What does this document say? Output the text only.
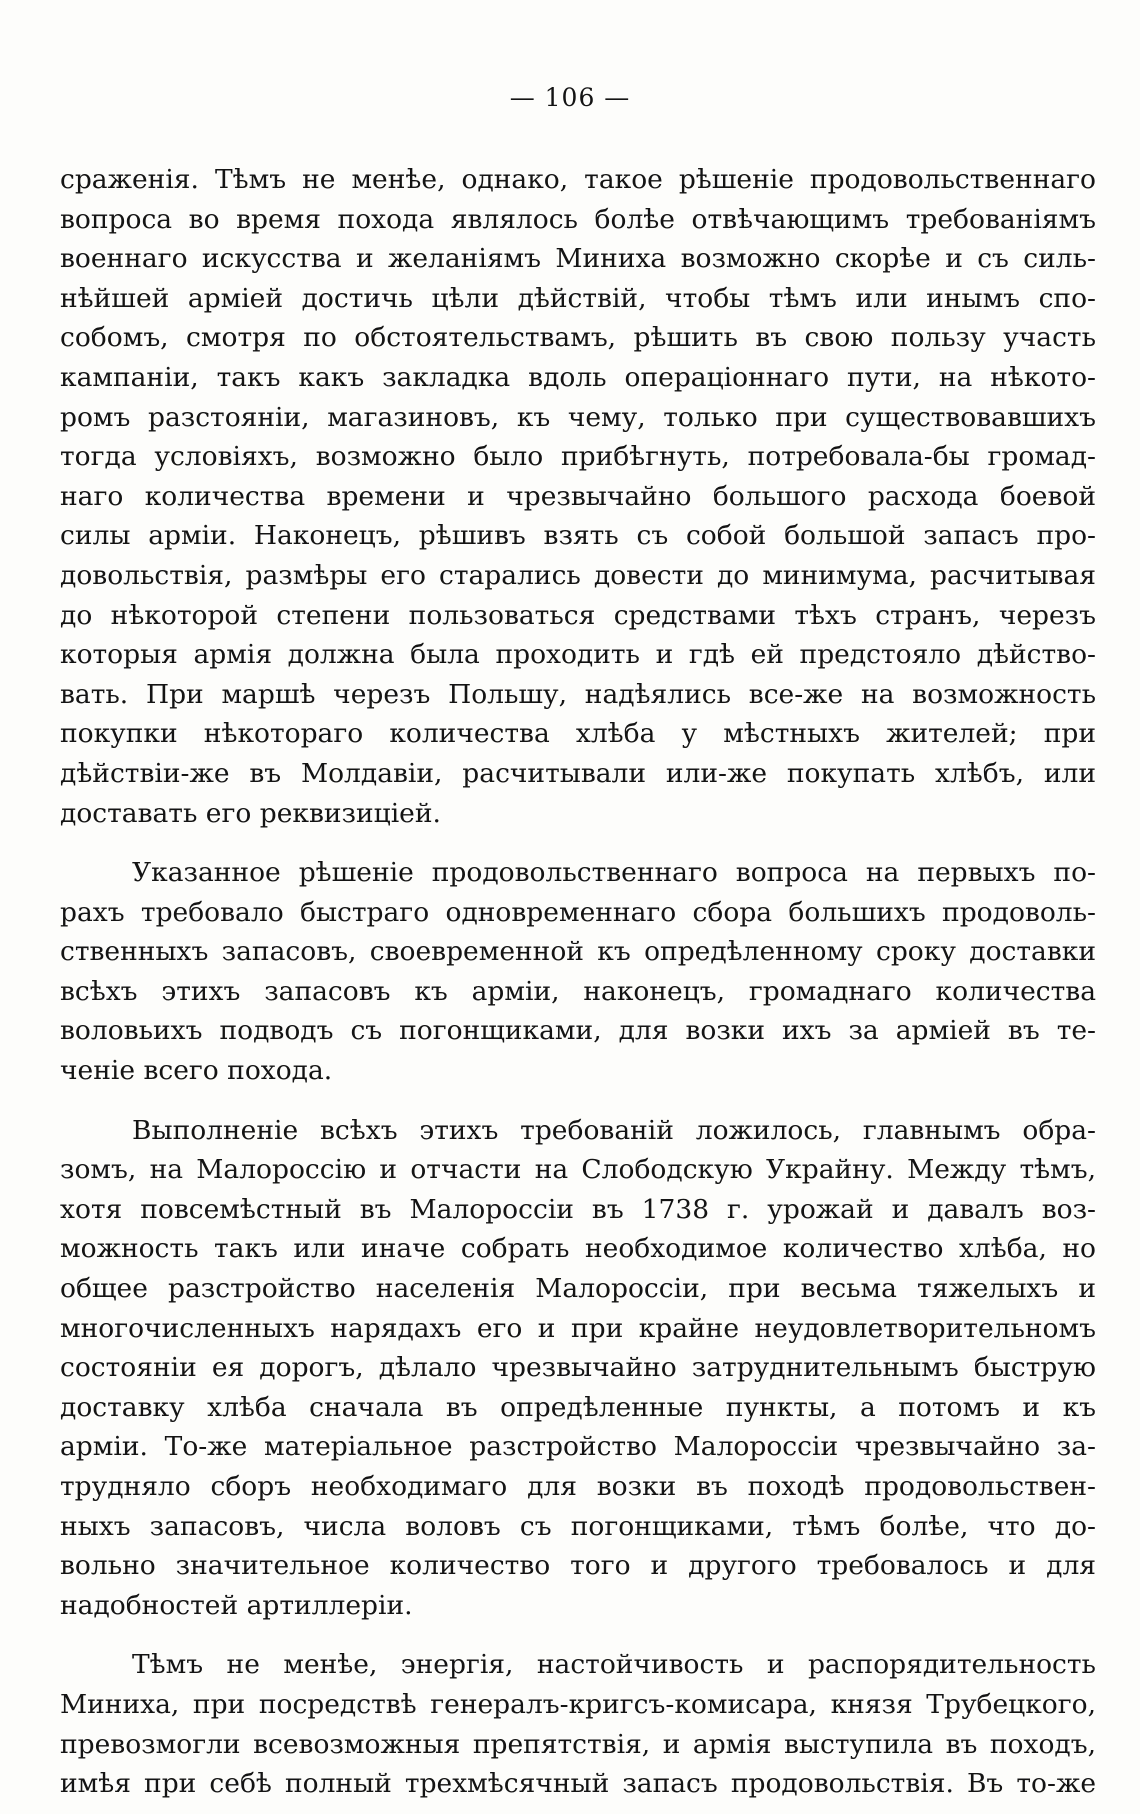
— 106 —

сраженія. Тѣмъ не менѣе, однако, такое рѣшеніе продовольственнаго
вопроса во время похода являлось болѣе отвѣчающимъ требованіямъ
военнаго искусства и желаніямъ Миниха возможно скорѣе и съ силь-
нѣйшей арміей достичь цѣли дѣйствій, чтобы тѣмъ или инымъ спо-
собомъ, смотря по обстоятельствамъ, рѣшить въ свою пользу участь
кампаніи, такъ какъ закладка вдоль операціоннаго пути, на нѣкото-
ромъ разстояніи, магазиновъ, къ чему, только при существовавшихъ
тогда условіяхъ, возможно было прибѣгнуть, потребовала-бы громад-
наго количества времени и чрезвычайно большого расхода боевой
силы арміи. Наконецъ, рѣшивъ взять съ собой большой запасъ про-
довольствія, размѣры его старались довести до минимума, расчитывая
до нѣкоторой степени пользоваться средствами тѣхъ странъ, черезъ
которыя армія должна была проходить и гдѣ ей предстояло дѣйство-
вать. При маршѣ черезъ Польшу, надѣялись все-же на возможность
покупки нѣкотораго количества хлѣба у мѣстныхъ жителей; при
дѣйствіи-же въ Молдавіи, расчитывали или-же покупать хлѣбъ, или
доставать его реквизиціей.

Указанное рѣшеніе продовольственнаго вопроса на первыхъ по-
рахъ требовало быстраго одновременнаго сбора большихъ продоволь-
ственныхъ запасовъ, своевременной къ опредѣленному сроку доставки
всѣхъ этихъ запасовъ къ арміи, наконецъ, громаднаго количества
воловьихъ подводъ съ погонщиками, для возки ихъ за арміей въ те-
ченіе всего похода.

Выполненіе всѣхъ этихъ требованій ложилось, главнымъ обра-
зомъ, на Малороссію и отчасти на Слободскую Украйну. Между тѣмъ,
хотя повсемѣстный въ Малороссіи въ 1738 г. урожай и давалъ воз-
можность такъ или иначе собрать необходимое количество хлѣба, но
общее разстройство населенія Малороссіи, при весьма тяжелыхъ и
многочисленныхъ нарядахъ его и при крайне неудовлетворительномъ
состояніи ея дорогъ, дѣлало чрезвычайно затруднительнымъ быструю
доставку хлѣба сначала въ опредѣленные пункты, а потомъ и къ
арміи. То-же матеріальное разстройство Малороссіи чрезвычайно за-
трудняло сборъ необходимаго для возки въ походѣ продовольствен-
ныхъ запасовъ, числа воловъ съ погонщиками, тѣмъ болѣе, что до-
вольно значительное количество того и другого требовалось и для
надобностей артиллеріи.

Тѣмъ не менѣе, энергія, настойчивость и распорядительность
Миниха, при посредствѣ генералъ-кригсъ-комисара, князя Трубецкого,
превозмогли всевозможныя препятствія, и армія выступила въ походъ,
имѣя при себѣ полный трехмѣсячный запасъ продовольствія. Въ то-же
